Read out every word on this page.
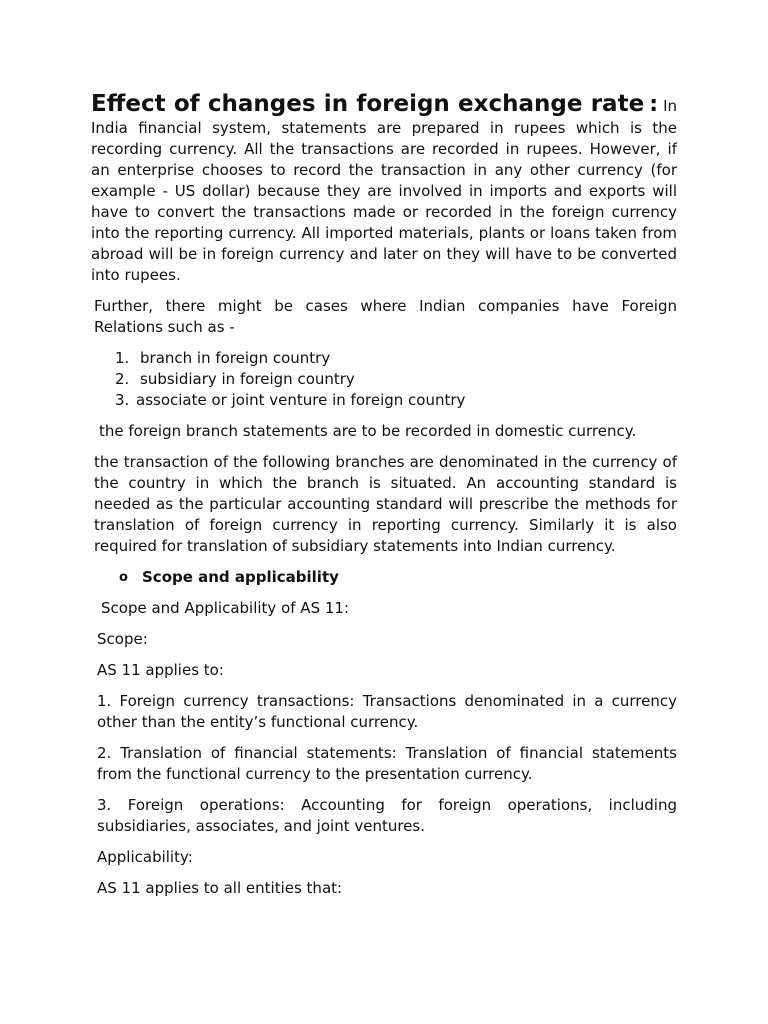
Effect of changes in foreign exchange rate : In India financial system, statements are prepared in rupees which is the recording currency. All the transactions are recorded in rupees. However, if an enterprise chooses to record the transaction in any other currency (for example - US dollar) because they are involved in imports and exports will have to convert the transactions made or recorded in the foreign currency into the reporting currency. All imported materials, plants or loans taken from abroad will be in foreign currency and later on they will have to be converted into rupees.

Further, there might be cases where Indian companies have Foreign Relations such as -

1. branch in foreign country
2. subsidiary in foreign country
3. associate or joint venture in foreign country

the foreign branch statements are to be recorded in domestic currency.

the transaction of the following branches are denominated in the currency of the country in which the branch is situated. An accounting standard is needed as the particular accounting standard will prescribe the methods for translation of foreign currency in reporting currency. Similarly it is also required for translation of subsidiary statements into Indian currency.

o Scope and applicability

Scope and Applicability of AS 11:

Scope:

AS 11 applies to:

1. Foreign currency transactions: Transactions denominated in a currency other than the entity’s functional currency.

2. Translation of financial statements: Translation of financial statements from the functional currency to the presentation currency.

3. Foreign operations: Accounting for foreign operations, including subsidiaries, associates, and joint ventures.

Applicability:

AS 11 applies to all entities that:
